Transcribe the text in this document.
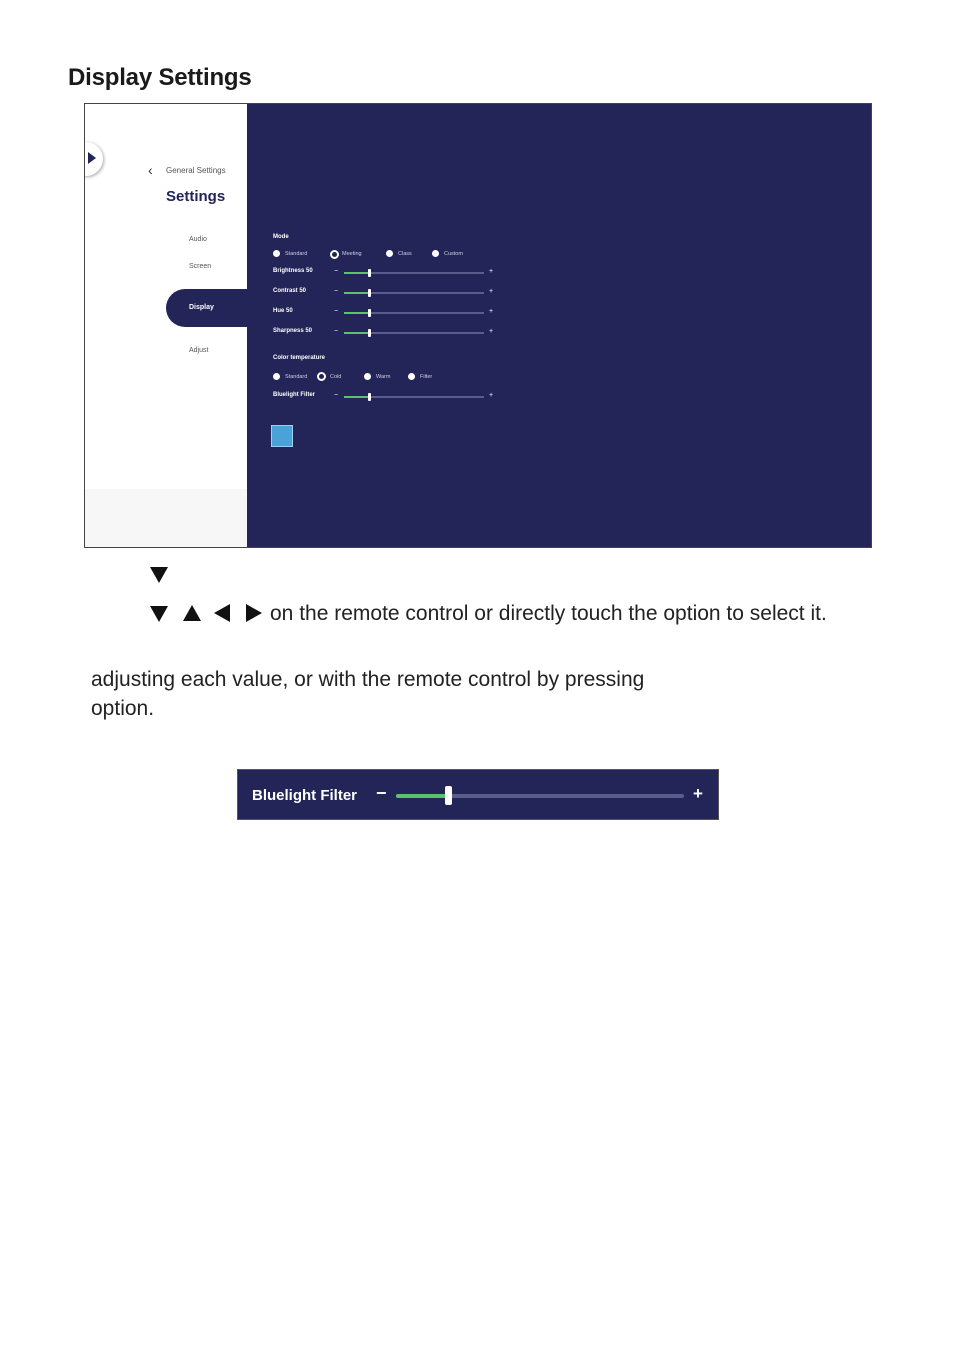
Display Settings
‹ General Settings
Settings
Audio
Screen
Display
Adjust
Mode
Standard	Meeting	Class	Custom
Brightness 50	−	+
Contrast 50	−	+
Hue 50	−	+
Sharpness 50	−	+
Color temperature
Standard	Cold	Warm	Filter
Bluelight Filter	−	+
on the remote control or directly touch the option to select it.
adjusting each value, or with the remote control by pressing
option.
Bluelight Filter −	+
